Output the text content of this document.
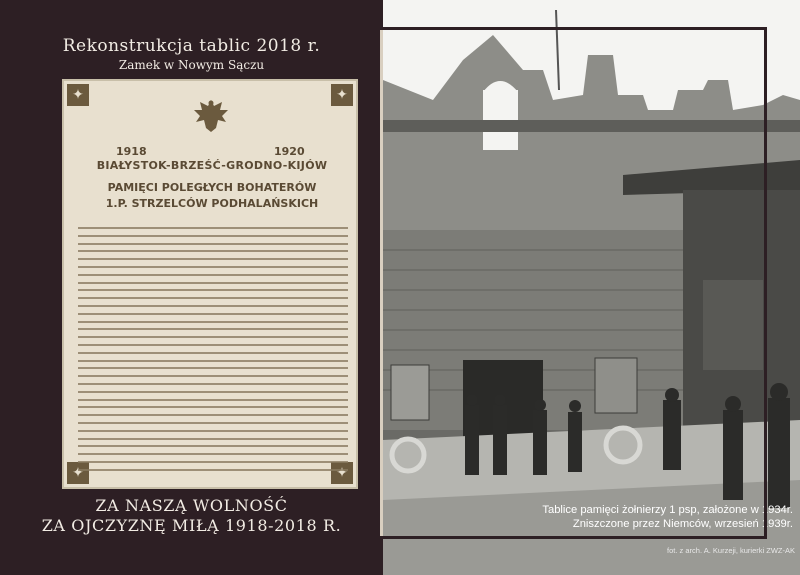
Rekonstrukcja tablic 2018 r.
Zamek w Nowym Sączu
✦
✦
✦
✦
1918	1920
BIAŁYSTOK-BRZEŚĆ-GRODNO-KIJÓW
PAMIĘCI POLEGŁYCH BOHATERÓW
1.P. STRZELCÓW PODHALAŃSKICH
ZA NASZĄ WOLNOŚĆ
ZA OJCZYZNĘ MIŁĄ 1918-2018 R.
Tablice pamięci żołnierzy 1 psp, założone w 1934r.
Zniszczone przez Niemców, wrzesień 1939r.
fot. z arch. A. Kurzeji, kurierki ZWZ-AK
